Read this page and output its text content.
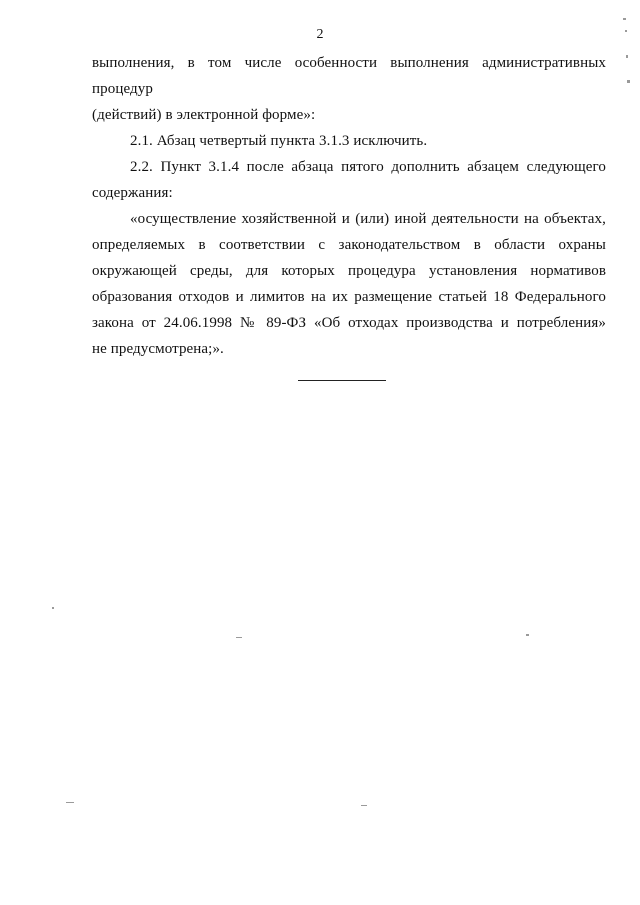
2

выполнения, в том числе особенности выполнения административных процедур

(действий) в электронной форме»:

2.1. Абзац четвертый пункта 3.1.3 исключить.

2.2. Пункт 3.1.4 после абзаца пятого дополнить абзацем следующего

содержания:

«осуществление хозяйственной и (или) иной деятельности на объектах,

определяемых в соответствии с законодательством в области охраны

окружающей среды, для которых процедура установления нормативов

образования отходов и лимитов на их размещение статьей 18 Федерального

закона от 24.06.1998 № 89-ФЗ «Об отходах производства и потребления»

не предусмотрена;».
